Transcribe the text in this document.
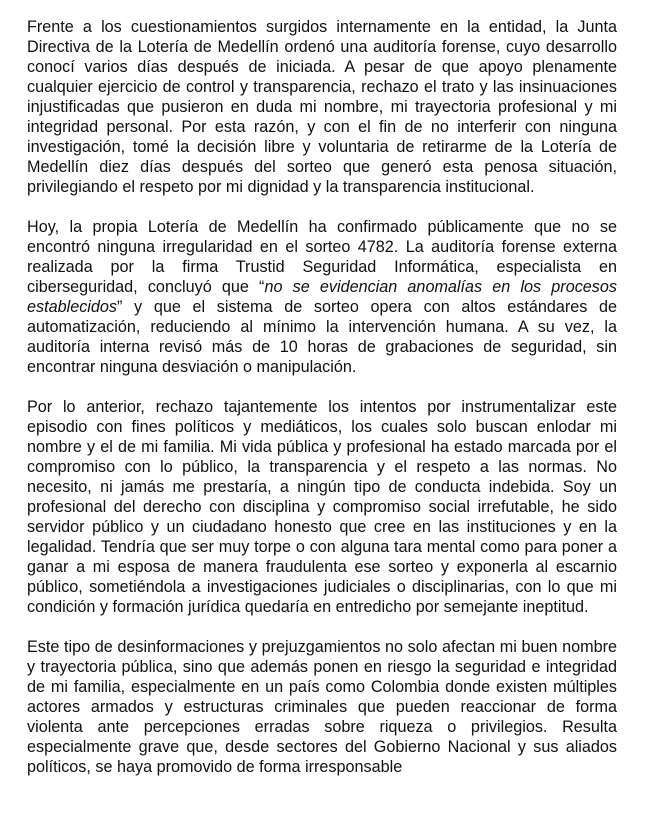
Frente a los cuestionamientos surgidos internamente en la entidad, la Junta Directiva de la Lotería de Medellín ordenó una auditoría forense, cuyo desarrollo conocí varios días después de iniciada. A pesar de que apoyo plenamente cualquier ejercicio de control y transparencia, rechazo el trato y las insinuaciones injustificadas que pusieron en duda mi nombre, mi trayectoria profesional y mi integridad personal. Por esta razón, y con el fin de no interferir con ninguna investigación, tomé la decisión libre y voluntaria de retirarme de la Lotería de Medellín diez días después del sorteo que generó esta penosa situación, privilegiando el respeto por mi dignidad y la transparencia institucional.

Hoy, la propia Lotería de Medellín ha confirmado públicamente que no se encontró ninguna irregularidad en el sorteo 4782. La auditoría forense externa realizada por la firma Trustid Seguridad Informática, especialista en ciberseguridad, concluyó que “no se evidencian anomalías en los procesos establecidos” y que el sistema de sorteo opera con altos estándares de automatización, reduciendo al mínimo la intervención humana. A su vez, la auditoría interna revisó más de 10 horas de grabaciones de seguridad, sin encontrar ninguna desviación o manipulación.

Por lo anterior, rechazo tajantemente los intentos por instrumentalizar este episodio con fines políticos y mediáticos, los cuales solo buscan enlodar mi nombre y el de mi familia. Mi vida pública y profesional ha estado marcada por el compromiso con lo público, la transparencia y el respeto a las normas. No necesito, ni jamás me prestaría, a ningún tipo de conducta indebida. Soy un profesional del derecho con disciplina y compromiso social irrefutable, he sido servidor público y un ciudadano honesto que cree en las instituciones y en la legalidad. Tendría que ser muy torpe o con alguna tara mental como para poner a ganar a mi esposa de manera fraudulenta ese sorteo y exponerla al escarnio público, sometiéndola a investigaciones judiciales o disciplinarias, con lo que mi condición y formación jurídica quedaría en entredicho por semejante ineptitud.

Este tipo de desinformaciones y prejuzgamientos no solo afectan mi buen nombre y trayectoria pública, sino que además ponen en riesgo la seguridad e integridad de mi familia, especialmente en un país como Colombia donde existen múltiples actores armados y estructuras criminales que pueden reaccionar de forma violenta ante percepciones erradas sobre riqueza o privilegios. Resulta especialmente grave que, desde sectores del Gobierno Nacional y sus aliados políticos, se haya promovido de forma irresponsable
